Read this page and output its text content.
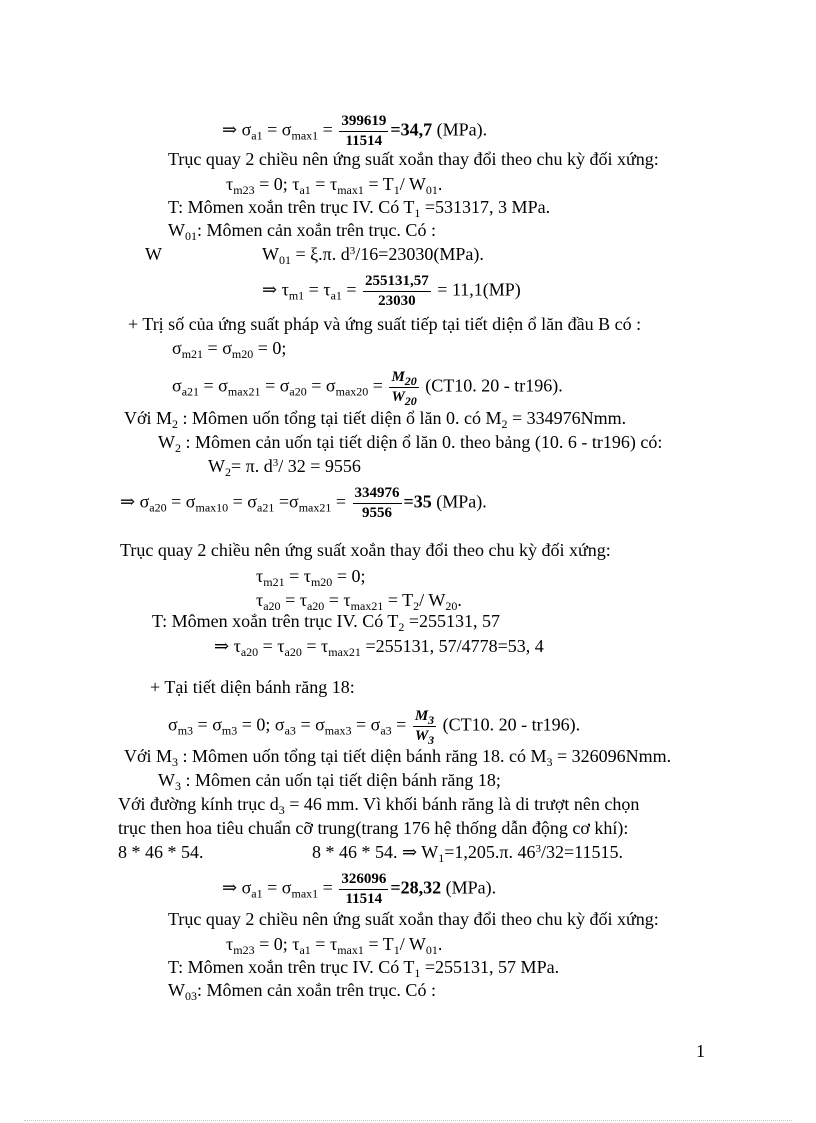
⇒ $\sigma_{a1} = \sigma_{max1} = \frac{399619}{11514} =34,7$ (MPa).
Trục quay 2 chiều nên ứng suất xoắn thay đổi theo chu kỳ đối xứng:
$\tau_{m23} = 0$; $\tau_{a1} = \tau_{max1} = T_1/$ $W_{01}$.
T: Mômen xoắn trên trục IV. Có $T_1 =531317$, 3 MPa.
$W_{01}$: Mômen cản xoắn trên trục. Có :
W	$W_{01} = \xi.\pi$. $d^3/16=23030(MPa)$.
⇒ $\tau_{m1} = \tau_{a1} = \frac{255131,57}{23030} = 11,1(MP)$
+ Trị số của ứng suất pháp và ứng suất tiếp tại tiết diện ổ lăn đầu B có :
$\sigma_{m21} = \sigma_{m20} = 0$;
$\sigma_{a21} = \sigma_{max21} = \sigma_{a20} = \sigma_{max20} = \frac{M_{20}}{W_{20}} (CT10$. 20 - tr196).
Với $M_2$ : Mômen uốn tổng tại tiết diện ổ lăn 0. có $M_2 = 334976Nmm$.
$W_2$ : Mômen cản uốn tại tiết diện ổ lăn 0. theo bảng (10. 6 - tr196) có:
$W_2= \pi$. $d^3/$ 32 = 9556
⇒ $\sigma_{a20} = \sigma_{max10} = \sigma_{a21} =\sigma_{max21} = \frac{334976}{9556} =35$ (MPa).
Trục quay 2 chiều nên ứng suất xoắn thay đổi theo chu kỳ đối xứng:
$\tau_{m21} = \tau_{m20} = 0$;
$\tau_{a20} = \tau_{a20} = \tau_{max21} = T_2/$ $W_{20}$.
T: Mômen xoắn trên trục IV. Có $T_2 =255131$, 57
⇒ $\tau_{a20} = \tau_{a20} = \tau_{max21} =255131$, 57/4778=53, 4
+ Tại tiết diện bánh răng 18:
$\sigma_{m3} = \sigma_{m3} = 0$; $\sigma_{a3} = \sigma_{max3} = \sigma_{a3} = \frac{M_3}{W_3} (CT10$. 20 - tr196).
Với $M_3$ : Mômen uốn tổng tại tiết diện bánh răng 18. có $M_3 = 326096Nmm$.
$W_3$ : Mômen cản uốn tại tiết diện bánh răng 18;
Với đường kính trục $d_3 = 46$ mm. Vì khối bánh răng là di trượt nên chọn
trục then hoa tiêu chuẩn cỡ trung(trang 176 hệ thống dẫn động cơ khí):
8 * 46 * 54.	8 * 46 * 54. ⇒ $W_1=1,205.\pi$. $46^3/32=11515$.
⇒ $\sigma_{a1} = \sigma_{max1} = \frac{326096}{11514} =28,32$ (MPa).
Trục quay 2 chiều nên ứng suất xoắn thay đổi theo chu kỳ đối xứng:
$\tau_{m23} = 0$; $\tau_{a1} = \tau_{max1} = T_1/$ $W_{01}$.
T: Mômen xoắn trên trục IV. Có $T_1 =255131$, 57 MPa.
$W_{03}$: Mômen cản xoắn trên trục. Có :
1
